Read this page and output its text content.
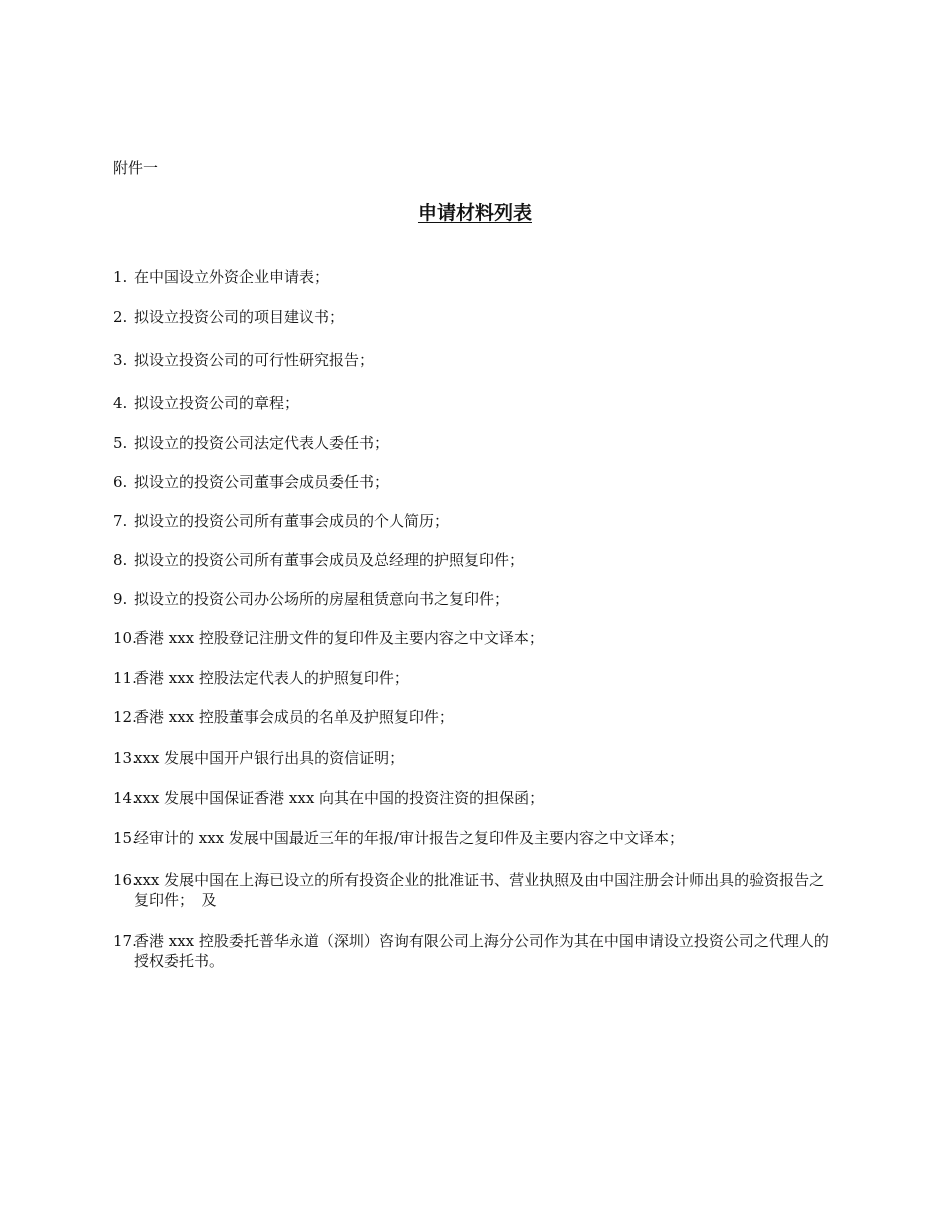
附件一
申请材料列表
1. 在中国设立外资企业申请表；
2. 拟设立投资公司的项目建议书；
3. 拟设立投资公司的可行性研究报告；
4. 拟设立投资公司的章程；
5. 拟设立的投资公司法定代表人委任书；
6. 拟设立的投资公司董事会成员委任书；
7. 拟设立的投资公司所有董事会成员的个人简历；
8. 拟设立的投资公司所有董事会成员及总经理的护照复印件；
9. 拟设立的投资公司办公场所的房屋租赁意向书之复印件；
10.
香港 xxx 控股登记注册文件的复印件及主要内容之中文译本；
11.
香港 xxx 控股法定代表人的护照复印件；
12.
香港 xxx 控股董事会成员的名单及护照复印件；
13.
xxx 发展中国开户银行出具的资信证明；
14.
xxx 发展中国保证香港 xxx 向其在中国的投资注资的担保函；
15.
经审计的 xxx 发展中国最近三年的年报/审计报告之复印件及主要内容之中文译本；
16.
xxx 发展中国在上海已设立的所有投资企业的批准证书、营业执照及由中国注册会计师出具的验资报告之复印件；　及
17.
香港 xxx 控股委托普华永道（深圳）咨询有限公司上海分公司作为其在中国申请设立投资公司之代理人的授权委托书。
